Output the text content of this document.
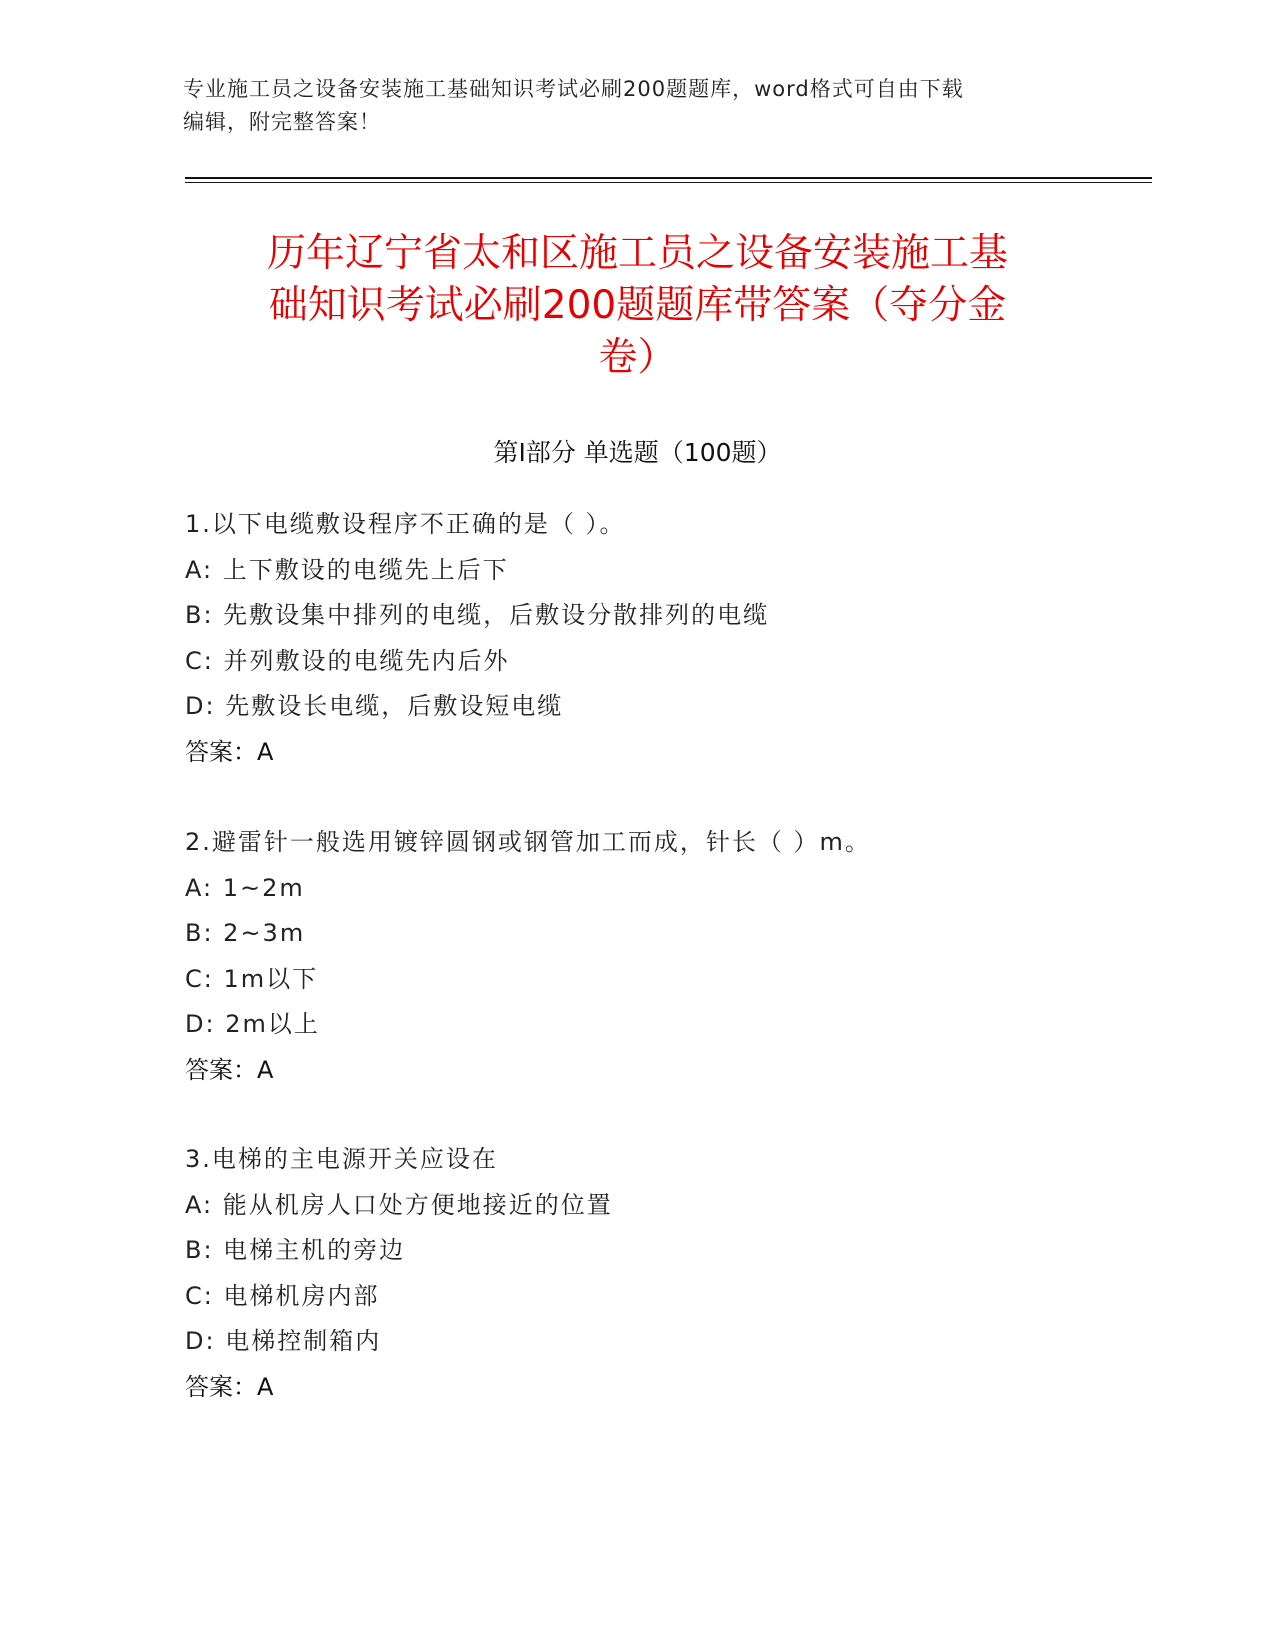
专业施工员之设备安装施工基础知识考试必刷200题题库，word格式可自由下载
编辑，附完整答案！
历年辽宁省太和区施工员之设备安装施工基
础知识考试必刷200题题库带答案（夺分金
卷）
第Ⅰ部分 单选题（100题）
1.以下电缆敷设程序不正确的是（ ）。
A: 上下敷设的电缆先上后下
B: 先敷设集中排列的电缆，后敷设分散排列的电缆
C: 并列敷设的电缆先内后外
D: 先敷设长电缆，后敷设短电缆
答案：A
2.避雷针一般选用镀锌圆钢或钢管加工而成，针长（ ）m。
A: 1~2m
B: 2~3m
C: 1m以下
D: 2m以上
答案：A
3.电梯的主电源开关应设在
A: 能从机房人口处方便地接近的位置
B: 电梯主机的旁边
C: 电梯机房内部
D: 电梯控制箱内
答案：A
